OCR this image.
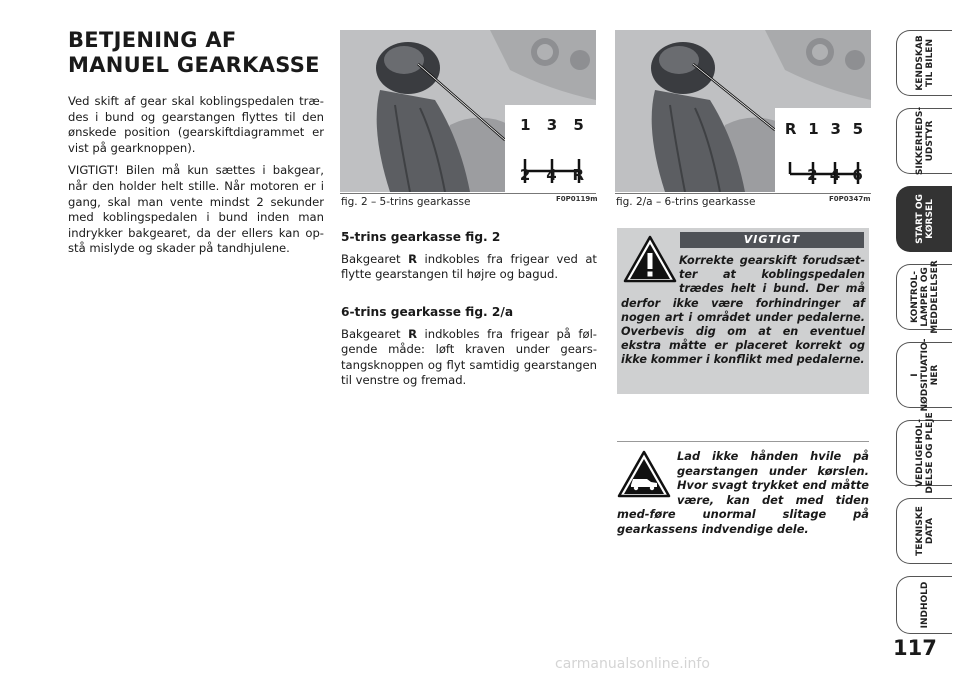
BETJENING AF
MANUEL GEARKASSE

Ved skift af gear skal koblingspedalen træ-des i bund og gearstangen flyttes til den ønskede position (gearskiftdiagrammet er vist på gearknoppen).

VIGTIGT! Bilen må kun sættes i bakgear, når den holder helt stille. Når motoren er i gang, skal man vente mindst 2 sekunder med koblingspedalen i bund inden man indrykker bakgearet, da der ellers kan op-stå mislyde og skader på tandhjulene.

1 3 5
2 4 R
fig. 2 – 5-trins gearkasse	F0P0119m
R 1 3 5
2 4 6
fig. 2/a – 6-trins gearkasse	F0P0347m
5-trins gearkasse fig. 2

Bakgearet R indkobles fra frigear ved at flytte gearstangen til højre og bagud.

6-trins gearkasse fig. 2/a

Bakgearet R indkobles fra frigear på føl-gende måde: løft kraven under gears-tangsknoppen og flyt samtidig gearstangen til venstre og fremad.

VIGTIGT
Korrekte gearskift forudsæt-ter at koblingspedalen trædes helt i bund. Der må derfor ikke være forhindringer af nogen art i området under pedalerne. Overbevis dig om at en eventuel ekstra måtte er placeret korrekt og ikke kommer i konflikt med pedalerne.
Lad ikke hånden hvile på gearstangen under kørslen. Hvor svagt trykket end måtte være, kan det med tiden med-føre unormal slitage på gearkassens indvendige dele.
KENDSKAB
TIL BILEN
SIKKERHEDS-
UDSTYR
START OG
KØRSEL
KONTROL-
LAMPER OG
MEDDELELSER
I
NØDSITUATIO-
NER
VEDLIGEHOL-
DELSE OG PLEJE
TEKNISKE
DATA
INDHOLD
117
carmanualsonline.info
